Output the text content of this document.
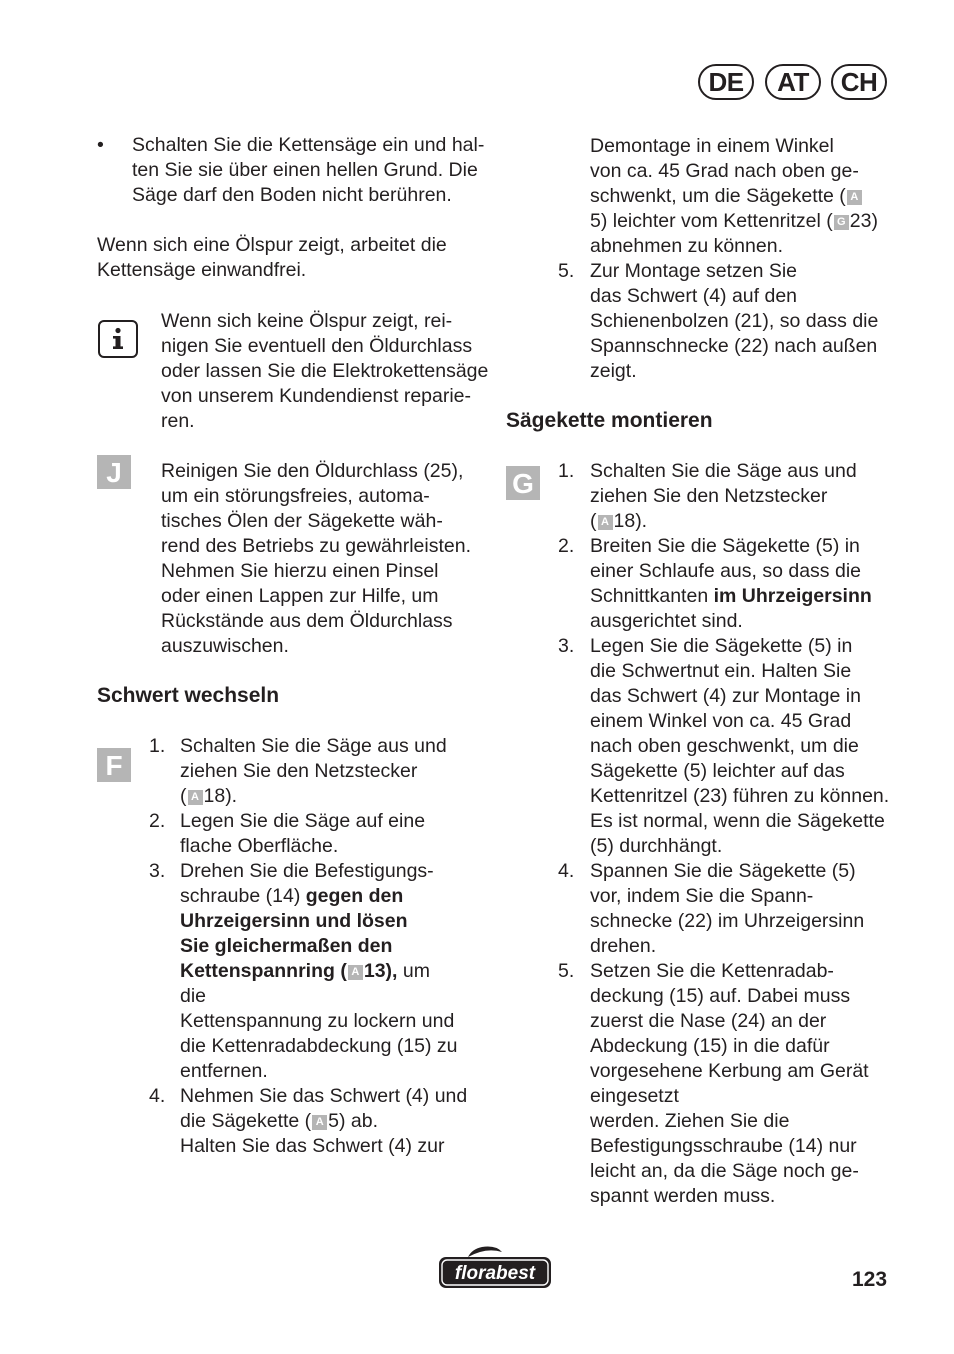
DE	AT	CH
• Schalten Sie die Kettensäge ein und hal-
ten Sie sie über einen hellen Grund. Die
Säge darf den Boden nicht berühren.
Wenn sich eine Ölspur zeigt, arbeitet die
Kettensäge einwandfrei.
Wenn sich keine Ölspur zeigt, rei-
nigen Sie eventuell den Öldurchlass
oder lassen Sie die Elektrokettensäge
von unserem Kundendienst reparie-
ren.
J	Reinigen Sie den Öldurchlass (25),
um ein störungsfreies, automa-
tisches Ölen der Sägekette wäh-
rend des Betriebs zu gewährleisten.
Nehmen Sie hierzu einen Pinsel
oder einen Lappen zur Hilfe, um
Rückstände aus dem Öldurchlass
auszuwischen.
Schwert wechseln
F
1.
2.
3.
4.
Schalten Sie die Säge aus und
ziehen Sie den Netzstecker
( A 18).
Legen Sie die Säge auf eine
flache Oberfläche.
Drehen Sie die Befestigungs-
schraube (14) gegen den
Uhrzeigersinn und lösen
Sie gleichermaßen den
Kettenspannring ( A 13), um
die
Kettenspannung zu lockern und
die Kettenradabdeckung (15) zu
entfernen.
Nehmen Sie das Schwert (4) und
die Sägekette ( A 5) ab.
Halten Sie das Schwert (4) zur
Demontage in einem Winkel
von ca. 45 Grad nach oben ge-
schwenkt, um die Sägekette ( A
5) leichter vom Kettenritzel ( G 23)
abnehmen zu können.
5. Zur Montage setzen Sie
das Schwert (4) auf den
Schienenbolzen (21), so dass die
Spannschnecke (22) nach außen
zeigt.
Sägekette montieren
G	1.
2.
3.
4.
5.
Schalten Sie die Säge aus und
ziehen Sie den Netzstecker
( A 18).
Breiten Sie die Sägekette (5) in
einer Schlaufe aus, so dass die
Schnittkanten im Uhrzeigersinn
ausgerichtet sind.
Legen Sie die Sägekette (5) in
die Schwertnut ein. Halten Sie
das Schwert (4) zur Montage in
einem Winkel von ca. 45 Grad
nach oben geschwenkt, um die
Sägekette (5) leichter auf das
Kettenritzel (23) führen zu können.
Es ist normal, wenn die Sägekette
(5) durchhängt.
Spannen Sie die Sägekette (5)
vor, indem Sie die Spann-
schnecke (22) im Uhrzeigersinn
drehen.
Setzen Sie die Kettenradab-
deckung (15) auf. Dabei muss
zuerst die Nase (24) an der
Abdeckung (15) in die dafür
vorgesehene Kerbung am Gerät
eingesetzt
werden. Ziehen Sie die
Befestigungsschraube (14) nur
leicht an, da die Säge noch ge-
spannt werden muss.
florabest	123
